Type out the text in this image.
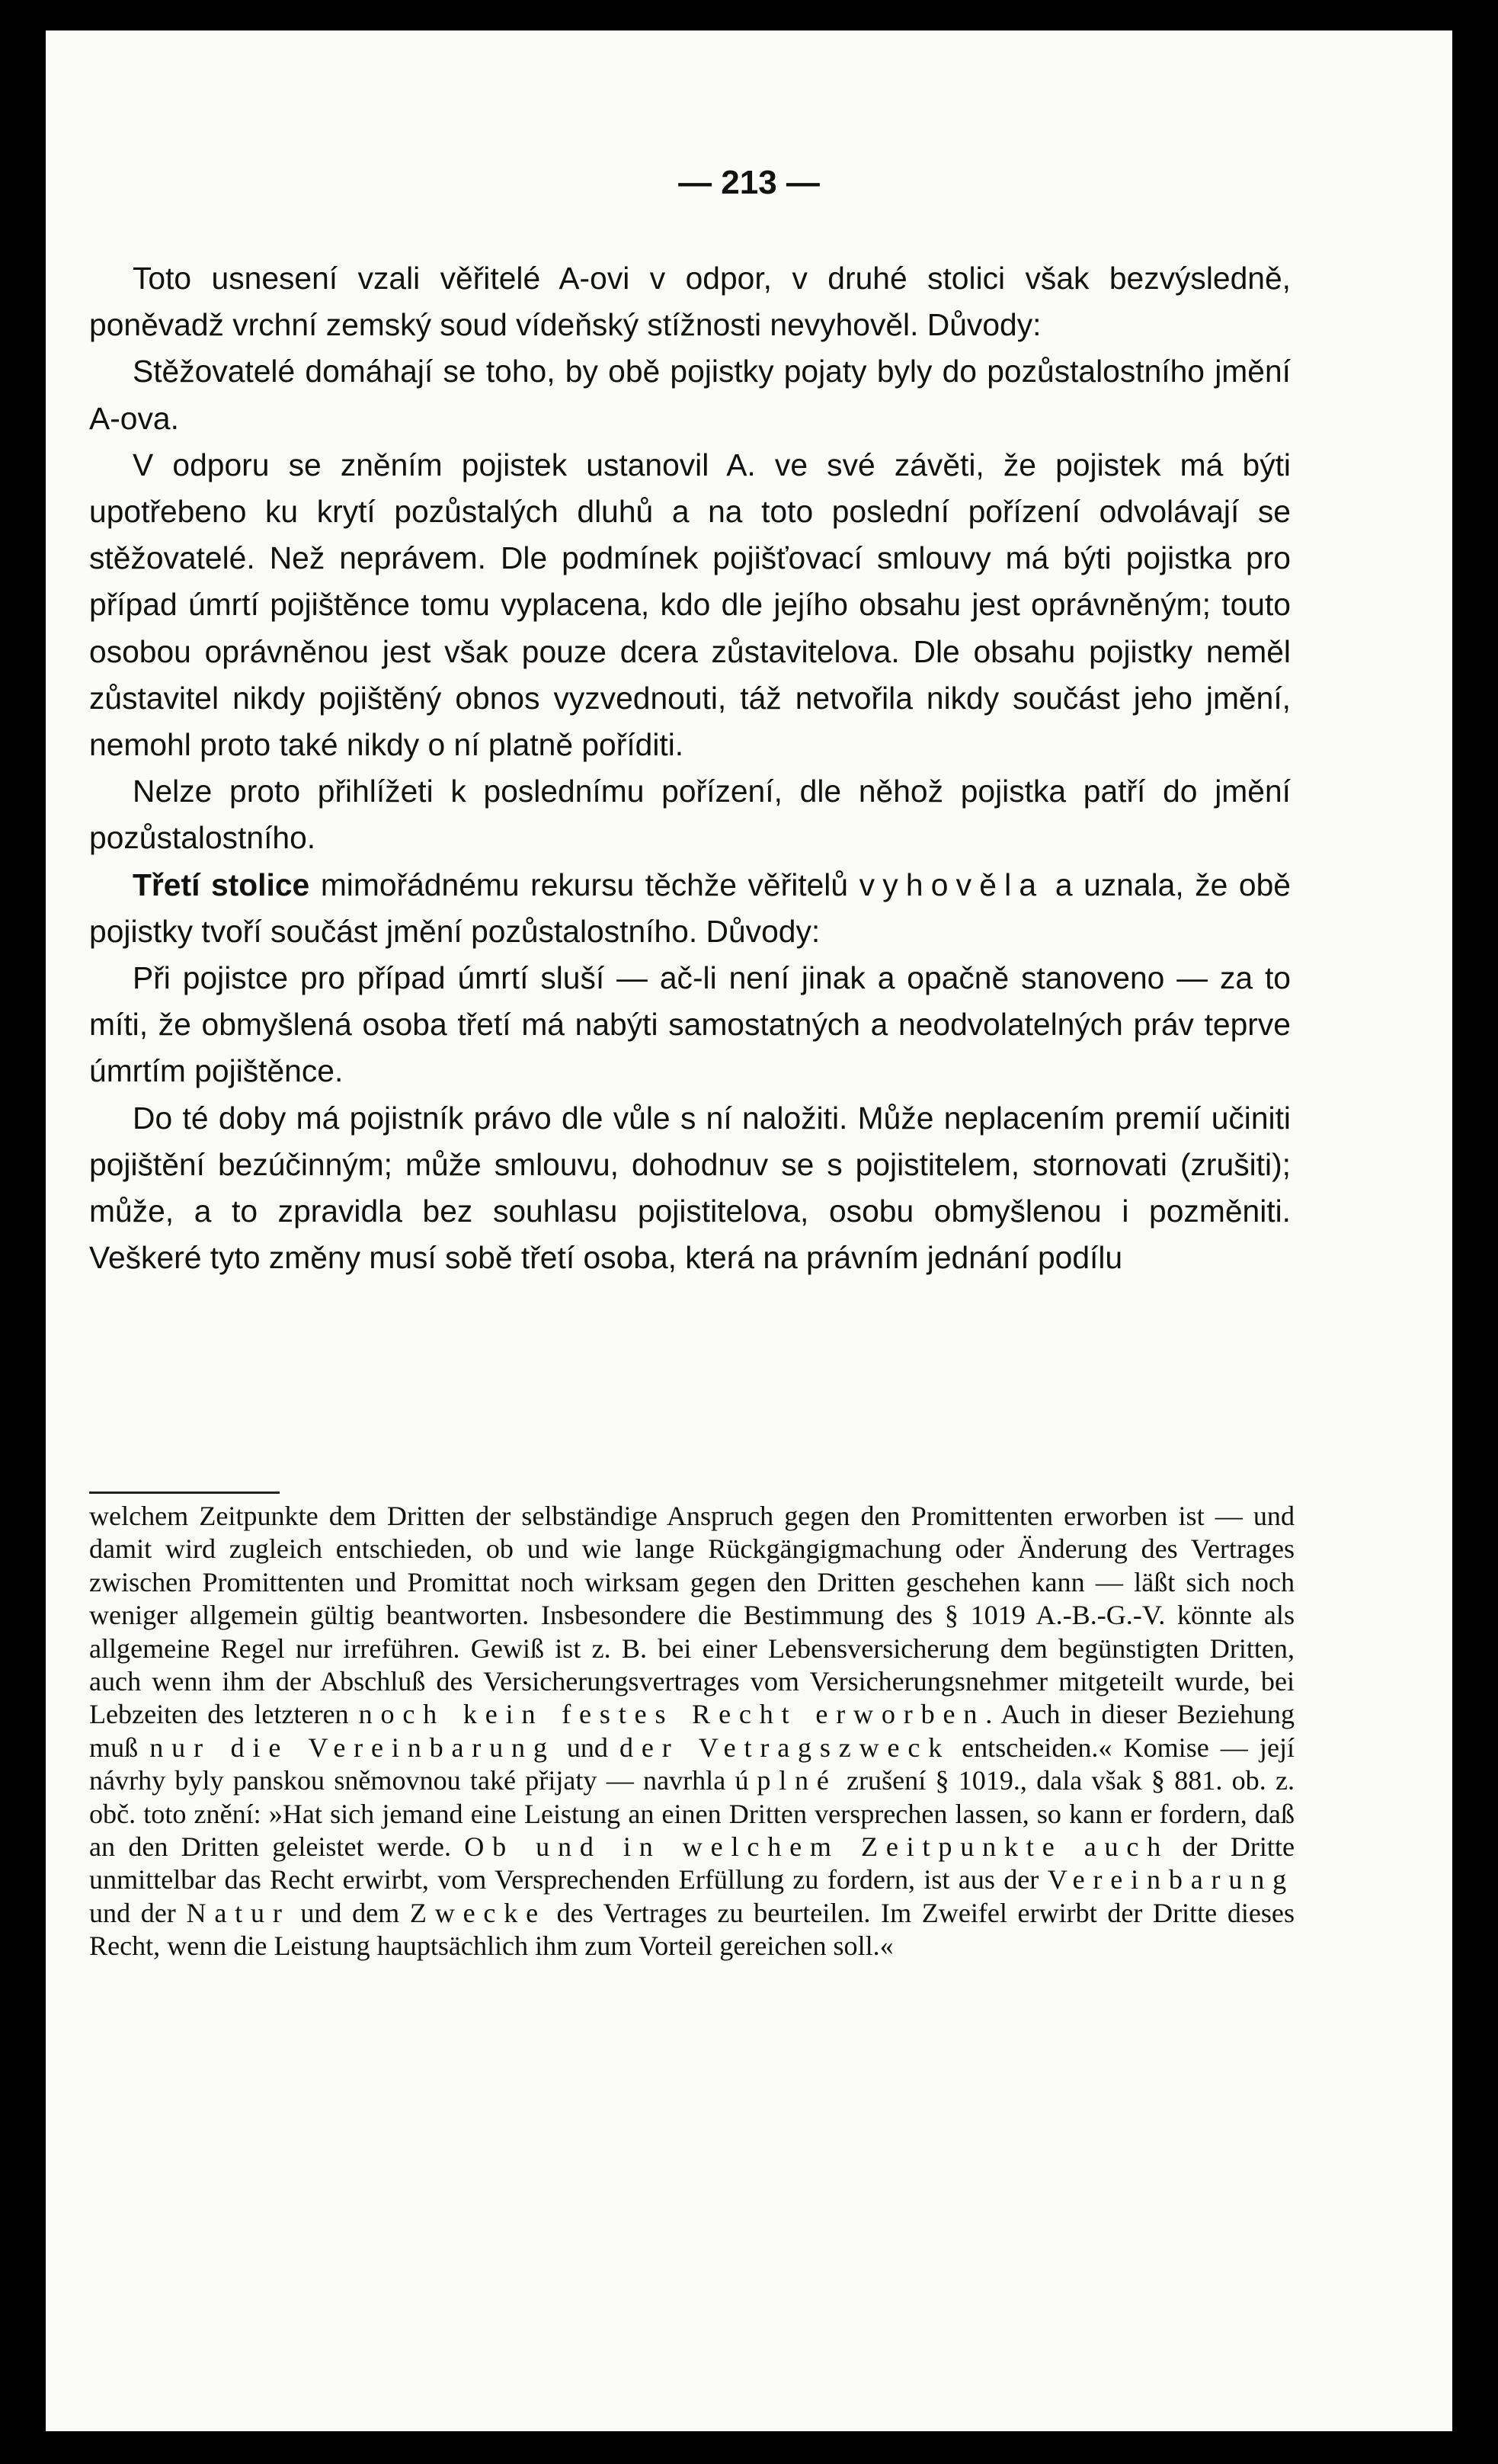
— 213 —

Toto usnesení vzali věřitelé A-ovi v odpor, v druhé stolici však bezvýsledně, poněvadž vrchní zemský soud vídeňský stížnosti nevyhověl. Důvody:

Stěžovatelé domáhají se toho, by obě pojistky pojaty byly do pozůstalostního jmění A-ova.

V odporu se zněním pojistek ustanovil A. ve své závěti, že pojistek má býti upotřebeno ku krytí pozůstalých dluhů a na toto poslední pořízení odvolávají se stěžovatelé. Než neprávem. Dle podmínek pojišťovací smlouvy má býti pojistka pro případ úmrtí pojištěnce tomu vyplacena, kdo dle jejího obsahu jest oprávněným; touto osobou oprávněnou jest však pouze dcera zůstavitelova. Dle obsahu pojistky neměl zůstavitel nikdy pojištěný obnos vyzvednouti, táž netvořila nikdy součást jeho jmění, nemohl proto také nikdy o ní platně poříditi.

Nelze proto přihlížeti k poslednímu pořízení, dle něhož pojistka patří do jmění pozůstalostního.

Třetí stolice mimořádnému rekursu těchže věřitelů vyhověla a uznala, že obě pojistky tvoří součást jmění pozůstalostního. Důvody:

Při pojistce pro případ úmrtí sluší — ač-li není jinak a opačně stanoveno — za to míti, že obmyšlená osoba třetí má nabýti samostatných a neodvolatelných práv teprve úmrtím pojištěnce.

Do té doby má pojistník právo dle vůle s ní naložiti. Může neplacením premií učiniti pojištění bezúčinným; může smlouvu, dohodnuv se s pojistitelem, stornovati (zrušiti); může, a to zpravidla bez souhlasu pojistitelova, osobu obmyšlenou i pozměniti. Veškeré tyto změny musí sobě třetí osoba, která na právním jednání podílu

welchem Zeitpunkte dem Dritten der selbständige Anspruch gegen den Promittenten erworben ist — und damit wird zugleich entschieden, ob und wie lange Rückgängigmachung oder Änderung des Vertrages zwischen Promittenten und Promittat noch wirksam gegen den Dritten geschehen kann — läßt sich noch weniger allgemein gültig beantworten. Insbesondere die Bestimmung des § 1019 A.-B.-G.-V. könnte als allgemeine Regel nur irreführen. Gewiß ist z. B. bei einer Lebensversicherung dem begünstigten Dritten, auch wenn ihm der Abschluß des Versicherungsvertrages vom Versicherungsnehmer mitgeteilt wurde, bei Lebzeiten des letzteren noch kein festes Recht erworben. Auch in dieser Beziehung muß nur die Vereinbarung und der Vetragszweck entscheiden.« Komise — její návrhy byly panskou sněmovnou také přijaty — navrhla úplné zrušení § 1019., dala však § 881. ob. z. obč. toto znění: »Hat sich jemand eine Leistung an einen Dritten versprechen lassen, so kann er fordern, daß an den Dritten geleistet werde. Ob und in welchem Zeitpunkte auch der Dritte unmittelbar das Recht erwirbt, vom Versprechenden Erfüllung zu fordern, ist aus der Vereinbarung und der Natur und dem Zwecke des Vertrages zu beurteilen. Im Zweifel erwirbt der Dritte dieses Recht, wenn die Leistung hauptsächlich ihm zum Vorteil gereichen soll.«
